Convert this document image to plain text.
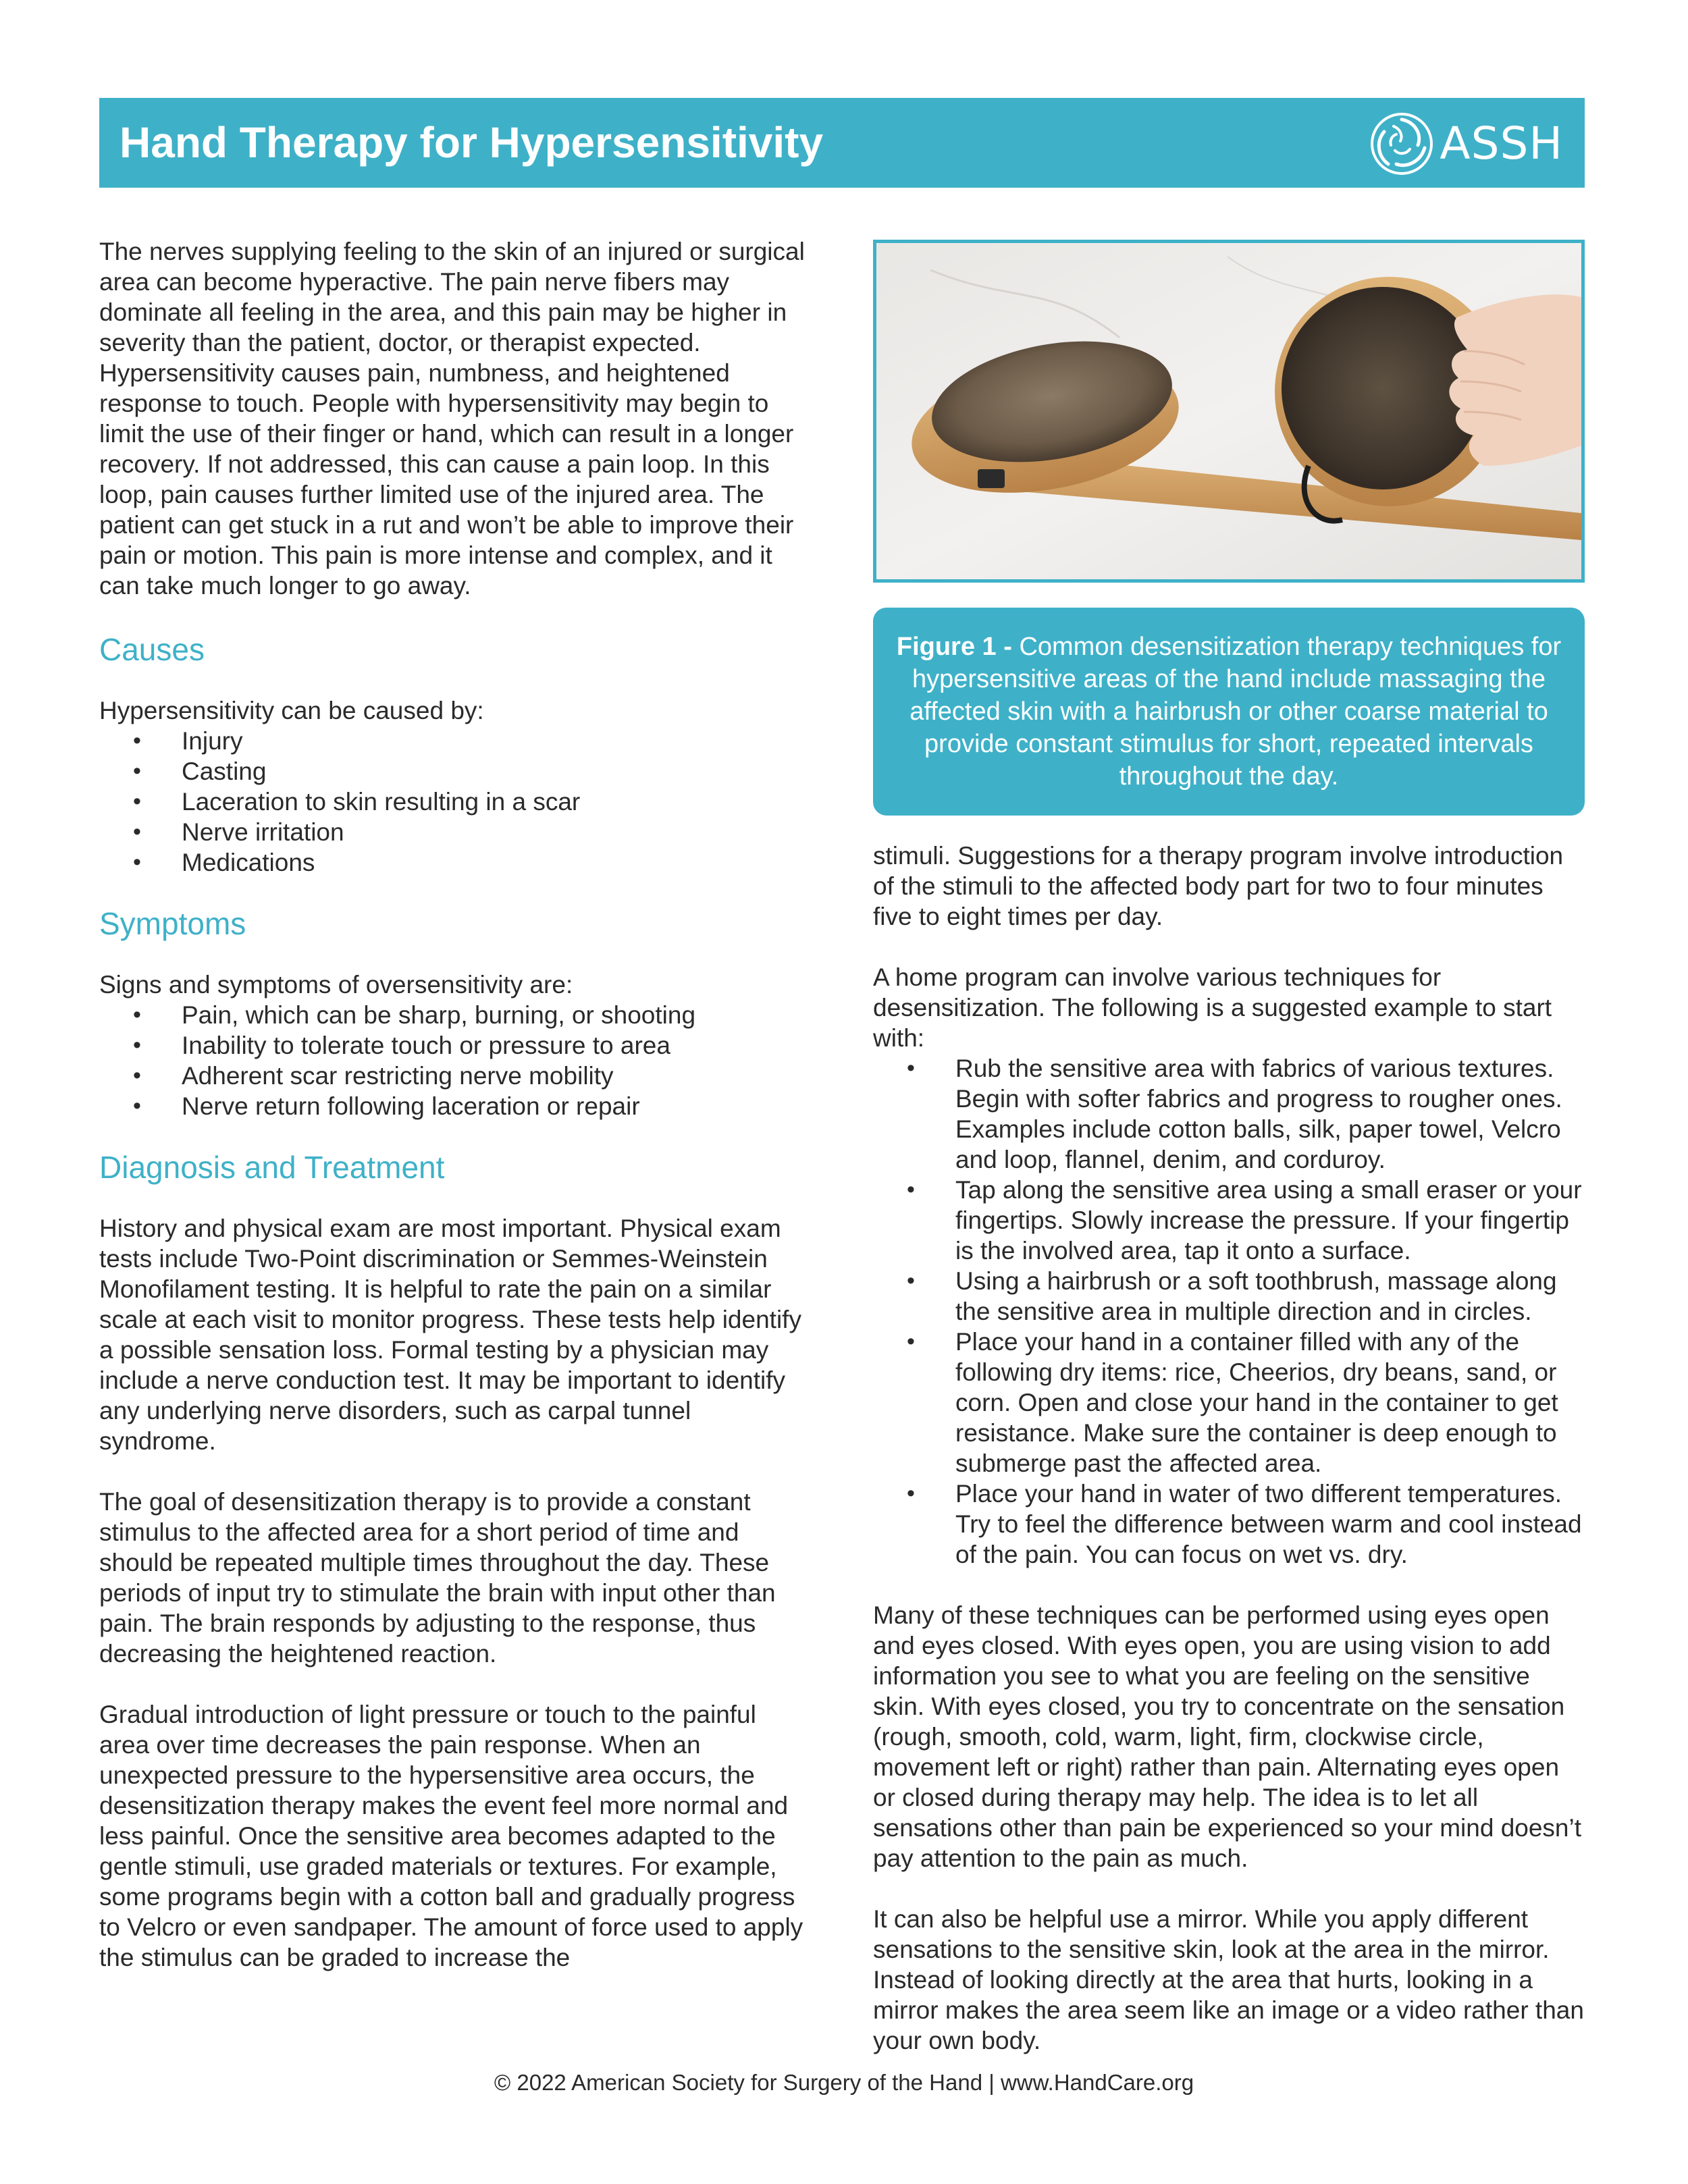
Hand Therapy for Hypersensitivity	ASSH

The nerves supplying feeling to the skin of an injured or surgical area can become hyperactive. The pain nerve fibers may dominate all feeling in the area, and this pain may be higher in severity than the patient, doctor, or therapist expected. Hypersensitivity causes pain, numbness, and heightened response to touch. People with hypersensitivity may begin to limit the use of their finger or hand, which can result in a longer recovery. If not addressed, this can cause a pain loop. In this loop, pain causes further limited use of the injured area. The patient can get stuck in a rut and won’t be able to improve their pain or motion. This pain is more intense and complex, and it can take much longer to go away.

Causes

Hypersensitivity can be caused by:

• Injury
• Casting
• Laceration to skin resulting in a scar
• Nerve irritation
• Medications
Symptoms

Signs and symptoms of oversensitivity are:

• Pain, which can be sharp, burning, or shooting
• Inability to tolerate touch or pressure to area
• Adherent scar restricting nerve mobility
• Nerve return following laceration or repair
Diagnosis and Treatment

History and physical exam are most important. Physical exam tests include Two-Point discrimination or Semmes-Weinstein Monofilament testing. It is helpful to rate the pain on a similar scale at each visit to monitor progress. These tests help identify a possible sensation loss. Formal testing by a physician may include a nerve conduction test. It may be important to identify any underlying nerve disorders, such as carpal tunnel syndrome.

The goal of desensitization therapy is to provide a constant stimulus to the affected area for a short period of time and should be repeated multiple times throughout the day. These periods of input try to stimulate the brain with input other than pain. The brain responds by adjusting to the response, thus decreasing the heightened reaction.

Gradual introduction of light pressure or touch to the painful area over time decreases the pain response. When an unexpected pressure to the hypersensitive area occurs, the desensitization therapy makes the event feel more normal and less painful. Once the sensitive area becomes adapted to the gentle stimuli, use graded materials or textures. For example, some programs begin with a cotton ball and gradually progress to Velcro or even sandpaper. The amount of force used to apply the stimulus can be graded to increase the

Figure 1 - Common desensitization therapy techniques for hypersensitive areas of the hand include massaging the affected skin with a hairbrush or other coarse material to provide constant stimulus for short, repeated intervals throughout the day.

stimuli. Suggestions for a therapy program involve introduction of the stimuli to the affected body part for two to four minutes five to eight times per day.

A home program can involve various techniques for desensitization. The following is a suggested example to start with:

• Rub the sensitive area with fabrics of various textures. Begin with softer fabrics and progress to rougher ones. Examples include cotton balls, silk, paper towel, Velcro and loop, flannel, denim, and corduroy.
• Tap along the sensitive area using a small eraser or your fingertips. Slowly increase the pressure. If your fingertip is the involved area, tap it onto a surface.
• Using a hairbrush or a soft toothbrush, massage along the sensitive area in multiple direction and in circles.
• Place your hand in a container filled with any of the following dry items: rice, Cheerios, dry beans, sand, or corn. Open and close your hand in the container to get resistance. Make sure the container is deep enough to submerge past the affected area.
• Place your hand in water of two different temperatures. Try to feel the difference between warm and cool instead of the pain. You can focus on wet vs. dry.

Many of these techniques can be performed using eyes open and eyes closed. With eyes open, you are using vision to add information you see to what you are feeling on the sensitive skin. With eyes closed, you try to concentrate on the sensation (rough, smooth, cold, warm, light, firm, clockwise circle, movement left or right) rather than pain. Alternating eyes open or closed during therapy may help. The idea is to let all sensations other than pain be experienced so your mind doesn’t pay attention to the pain as much.

It can also be helpful use a mirror. While you apply different sensations to the sensitive skin, look at the area in the mirror. Instead of looking directly at the area that hurts, looking in a mirror makes the area seem like an image or a video rather than your own body.

© 2022 American Society for Surgery of the Hand | www.HandCare.org
